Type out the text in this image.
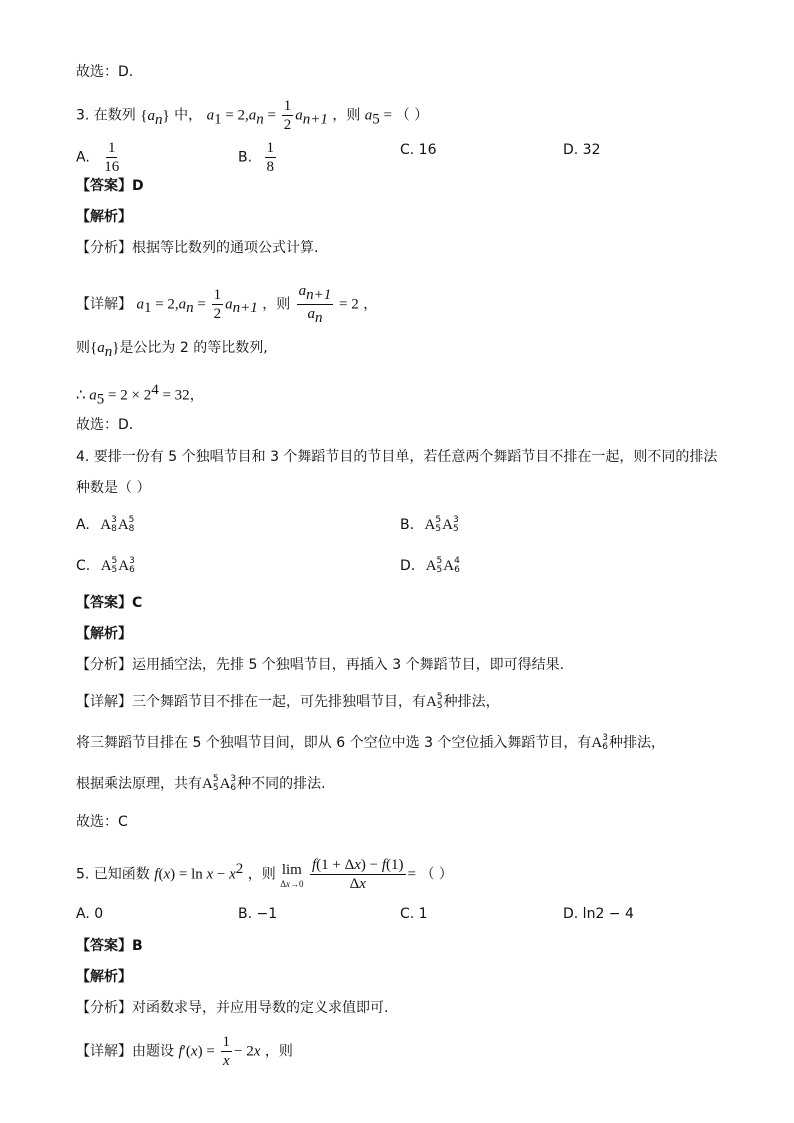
故选：D.
3. 在数列 $\{a_n\}$ 中， $a_1 = 2,a_n = \frac{1}{2} a_{n+1}$ ，则 $a_5$ = （ ）
A. $\frac{1}{16}$	B. $\frac{1}{8}$	C. 16	D. 32
【答案】D
【解析】
【分析】根据等比数列的通项公式计算.
【详解】 $a_1 = 2,a_n = \frac{1}{2} a_{n+1}$ ，则 $\frac{a_{n+1}}{a_n} = 2$ ，
则$\{a_n\}$是公比为 2 的等比数列,
∴ $a_5 = 2 \times 2^4 = 32$，
故选：D．
4. 要排一份有 5 个独唱节目和 3 个舞蹈节目的节目单，若任意两个舞蹈节目不排在一起，则不同的排法
种数是（ ）
A. A 3
8 A 5
8	B. A 5
5 A 3
5
C. A 5
5 A 3
6	D. A 5
5 A 4
6
【答案】C
【解析】
【分析】运用插空法，先排 5 个独唱节目，再插入 3 个舞蹈节目，即可得结果.
【详解】三个舞蹈节目不排在一起，可先排独唱节目，有A 5
5 种排法，
将三舞蹈节目排在 5 个独唱节目间，即从 6 个空位中选 3 个空位插入舞蹈节目，有A 3
6 种排法，
根据乘法原理，共有A 5
5 A 3
6 种不同的排法.
故选：C
5. 已知函数 $f(x) = \ln x - x^2$ ，则 lim
Δx→0
$\frac{f(1 + \Delta x) - f(1)}{\Delta x}$ = （ ）
A. 0	B. −1	C. 1	D. ln2 − 4
【答案】B
【解析】
【分析】对函数求导，并应用导数的定义求值即可.
【详解】由题设 $f'(x) = \frac{1}{x} - 2x$ ，则
